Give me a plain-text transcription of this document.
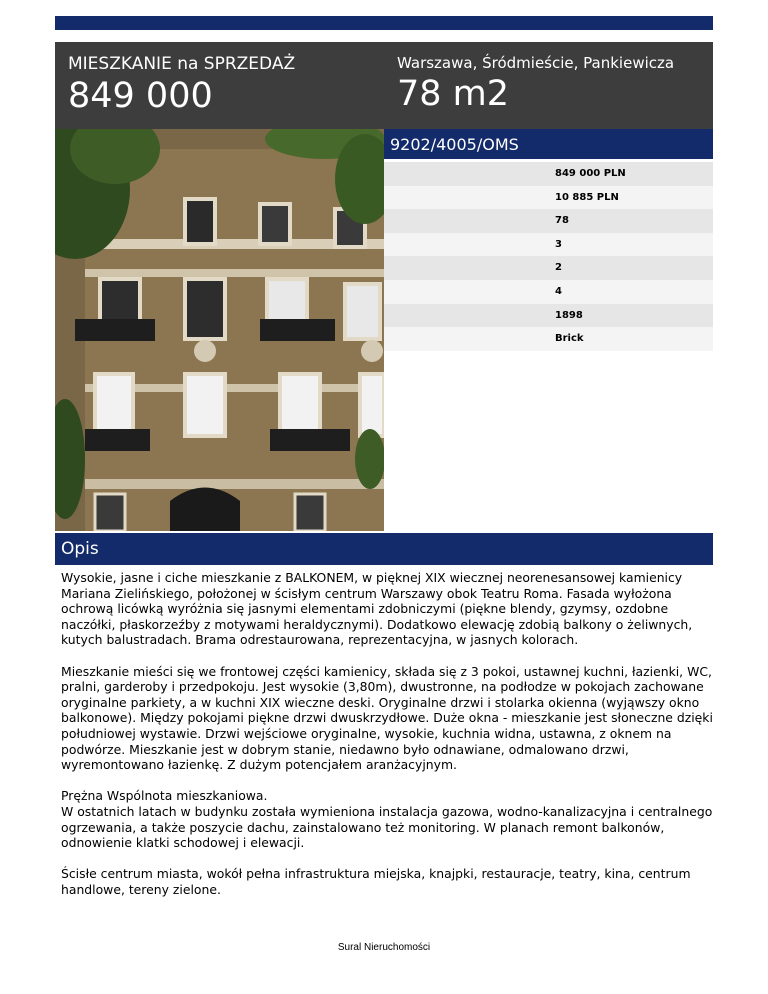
MIESZKANIE na SPRZEDAŻ
849 000
Warszawa, Śródmieście, Pankiewicza
78 m2
9202/4005/OMS
849 000 PLN
10 885 PLN
78
3
2
4
1898
Brick
Opis

Wysokie, jasne i ciche mieszkanie z BALKONEM, w pięknej XIX wiecznej neorenesansowej kamienicy Mariana Zielińskiego, położonej w ścisłym centrum Warszawy obok Teatru Roma. Fasada wyłożona ochrową licówką wyróżnia się jasnymi elementami zdobniczymi (piękne blendy, gzymsy, ozdobne naczółki, płaskorzeźby z motywami heraldycznymi). Dodatkowo elewację zdobią balkony o żeliwnych, kutych balustradach. Brama odrestaurowana, reprezentacyjna, w jasnych kolorach.

Mieszkanie mieści się we frontowej części kamienicy, składa się z 3 pokoi, ustawnej kuchni, łazienki, WC, pralni, garderoby i przedpokoju. Jest wysokie (3,80m), dwustronne, na podłodze w pokojach zachowane oryginalne parkiety, a w kuchni XIX wieczne deski. Oryginalne drzwi i stolarka okienna (wyjąwszy okno balkonowe). Między pokojami piękne drzwi dwuskrzydłowe. Duże okna - mieszkanie jest słoneczne dzięki południowej wystawie. Drzwi wejściowe oryginalne, wysokie, kuchnia widna, ustawna, z oknem na podwórze. Mieszkanie jest w dobrym stanie, niedawno było odnawiane, odmalowano drzwi, wyremontowano łazienkę. Z dużym potencjałem aranżacyjnym.

Prężna Wspólnota mieszkaniowa.
W ostatnich latach w budynku została wymieniona instalacja gazowa, wodno-kanalizacyjna i centralnego ogrzewania, a także poszycie dachu, zainstalowano też monitoring. W planach remont balkonów, odnowienie klatki schodowej i elewacji.

Ścisłe centrum miasta, wokół pełna infrastruktura miejska, knajpki, restauracje, teatry, kina, centrum handlowe, tereny zielone.

Sural Nieruchomości
